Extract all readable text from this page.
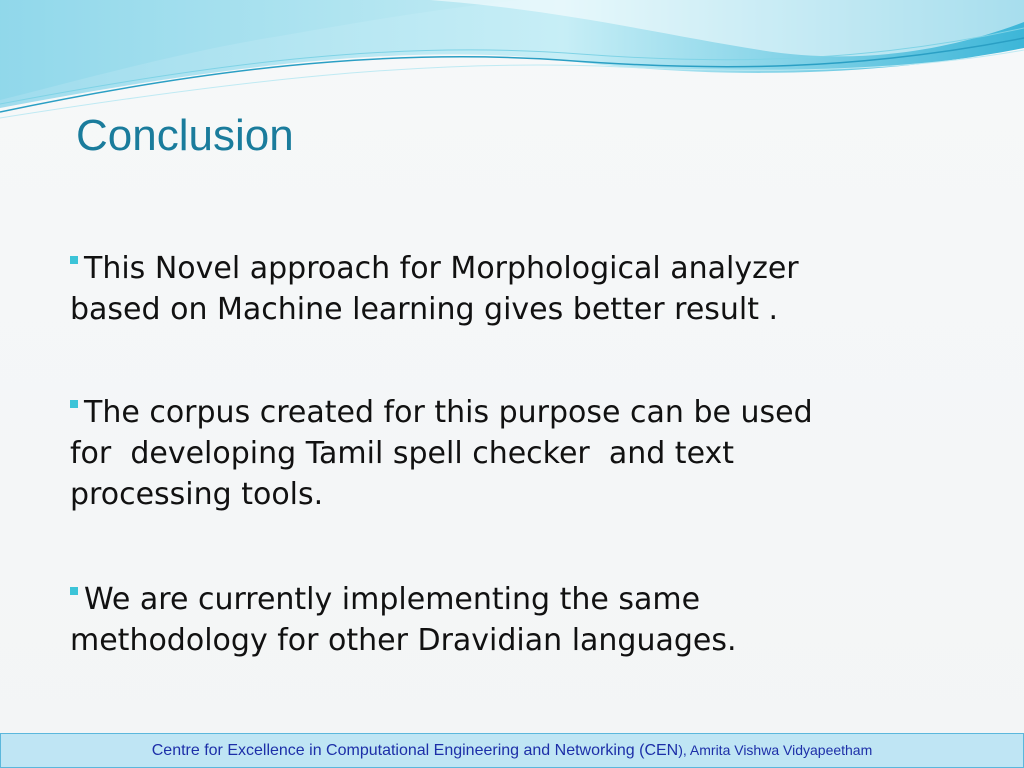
Conclusion

This Novel approach for Morphological analyzer
based on Machine learning gives better result .

The corpus created for this purpose can be used
for  developing Tamil spell checker  and text
processing tools.

We are currently implementing the same
methodology for other Dravidian languages.

Centre for Excellence in Computational Engineering and Networking (CEN), Amrita Vishwa Vidyapeetham
